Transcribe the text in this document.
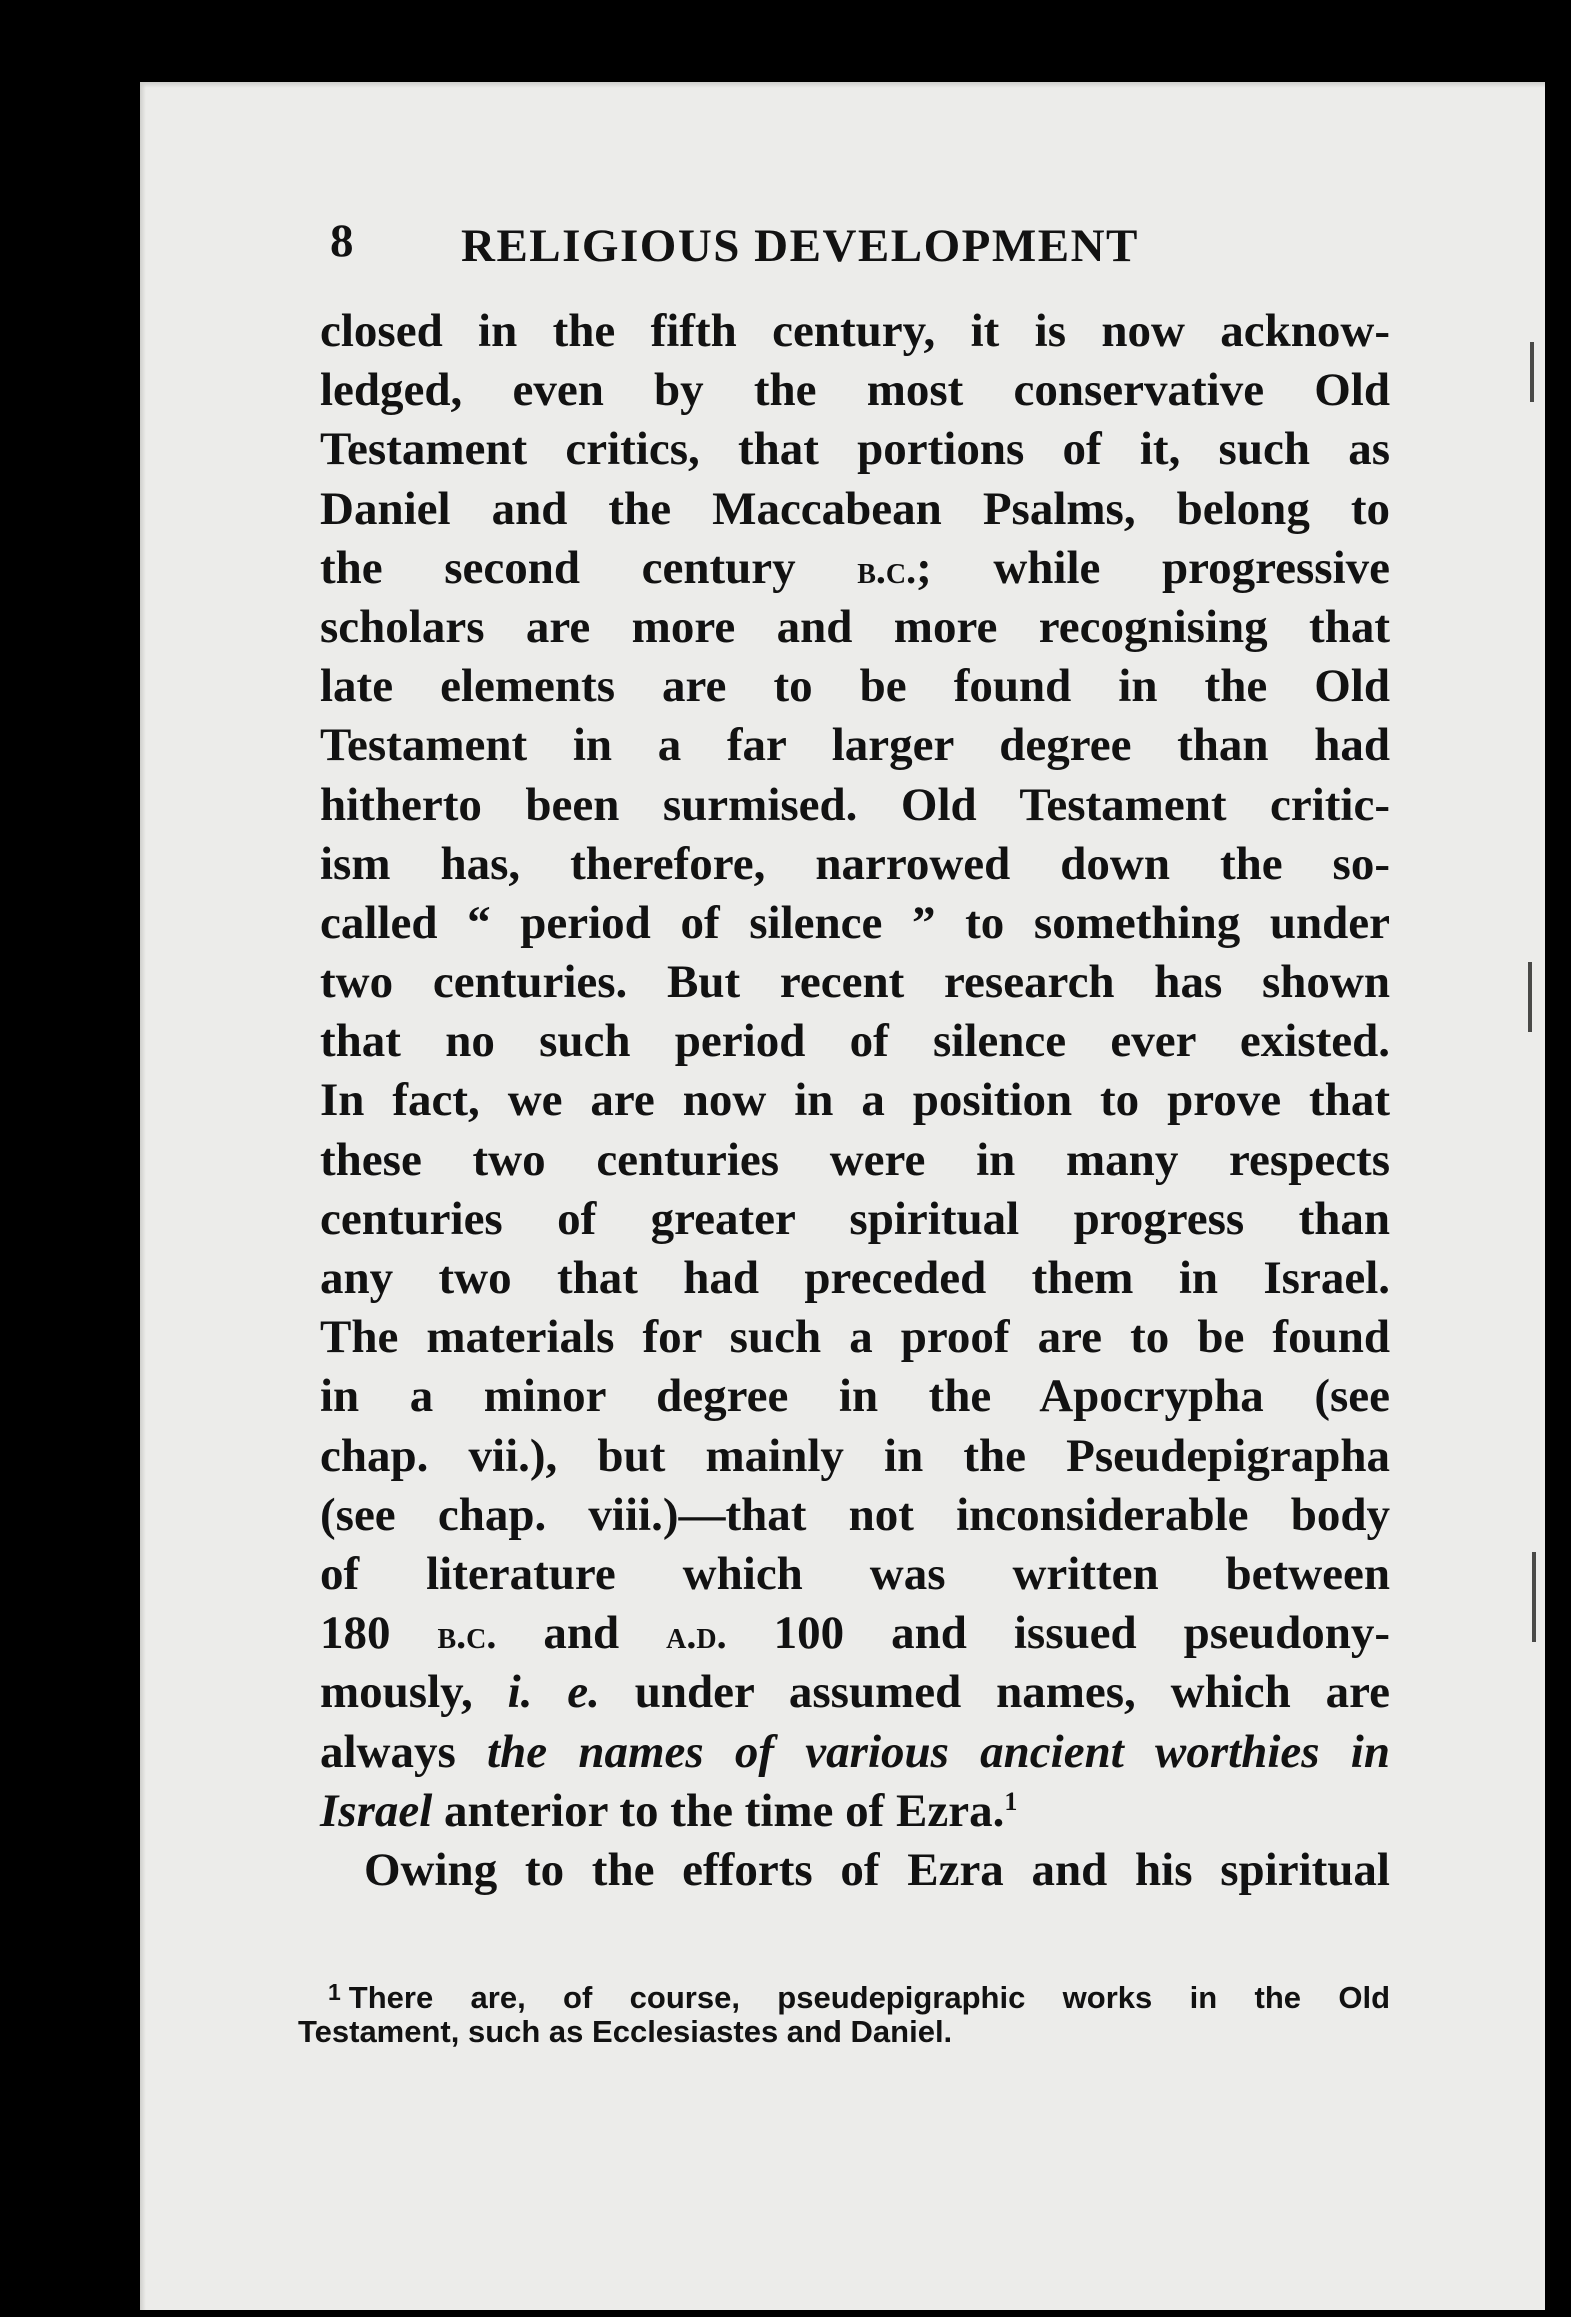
8 RELIGIOUS DEVELOPMENT
closed in the fifth century, it is now acknow-
ledged, even by the most conservative Old
Testament critics, that portions of it, such as
Daniel and the Maccabean Psalms, belong to
the second century b.c.; while progressive
scholars are more and more recognising that
late elements are to be found in the Old
Testament in a far larger degree than had
hitherto been surmised. Old Testament critic-
ism has, therefore, narrowed down the so-
called “ period of silence ” to something under
two centuries. But recent research has shown
that no such period of silence ever existed.
In fact, we are now in a position to prove that
these two centuries were in many respects
centuries of greater spiritual progress than
any two that had preceded them in Israel.
The materials for such a proof are to be found
in a minor degree in the Apocrypha (see
chap. vii.), but mainly in the Pseudepigrapha
(see chap. viii.)—that not inconsiderable body
of literature which was written between
180 b.c. and a.d. 100 and issued pseudony-
mously, i. e. under assumed names, which are
always the names of various ancient worthies in
Israel anterior to the time of Ezra.$^1$
Owing to the efforts of Ezra and his spiritual
$^1$ There are, of course, pseudepigraphic works in the Old
Testament, such as Ecclesiastes and Daniel.
